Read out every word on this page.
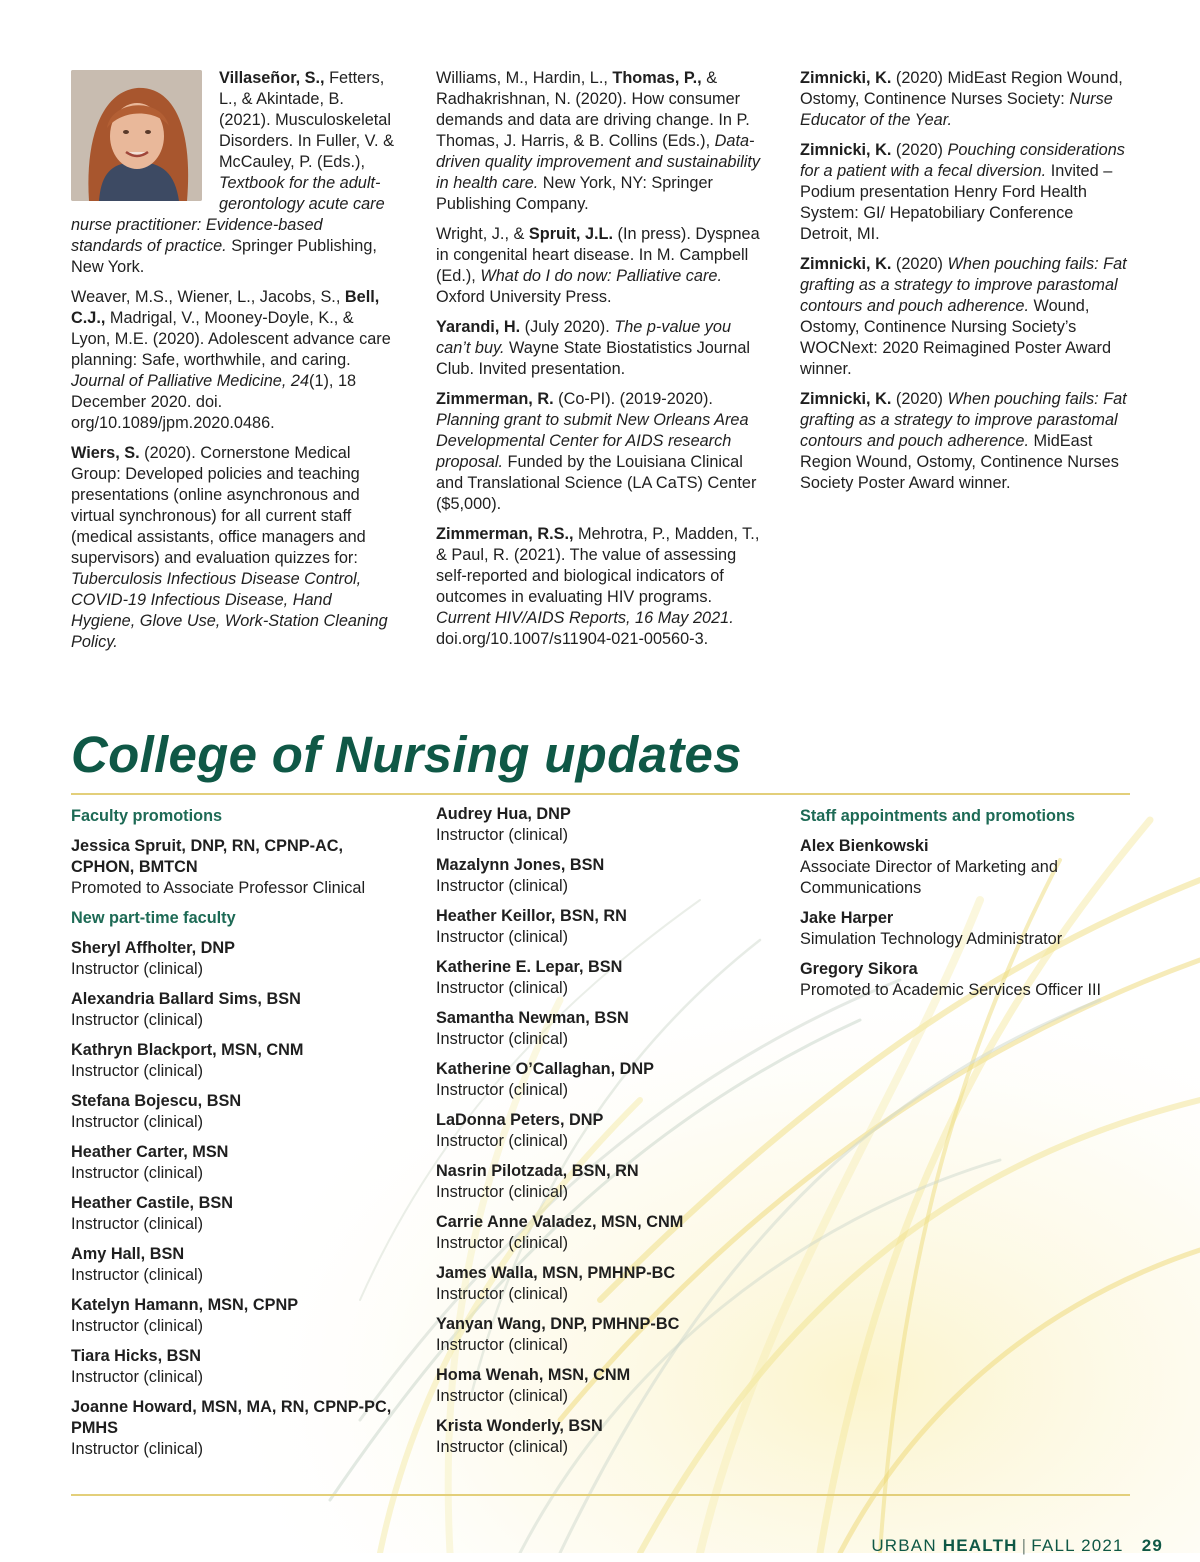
Villaseñor, S., Fetters, L., & Akintade, B. (2021). Musculoskeletal Disorders. In Fuller, V. & McCauley, P. (Eds.), Textbook for the adult-gerontology acute care nurse practitioner: Evidence-based standards of practice. Springer Publishing, New York.

Weaver, M.S., Wiener, L., Jacobs, S., Bell, C.J., Madrigal, V., Mooney-Doyle, K., & Lyon, M.E. (2020). Adolescent advance care planning: Safe, worthwhile, and caring. Journal of Palliative Medicine, 24(1), 18 December 2020. doi. org/10.1089/jpm.2020.0486.

Wiers, S. (2020). Cornerstone Medical Group: Developed policies and teaching presentations (online asynchronous and virtual synchronous) for all current staff (medical assistants, office managers and supervisors) and evaluation quizzes for: Tuberculosis Infectious Disease Control, COVID-19 Infectious Disease, Hand Hygiene, Glove Use, Work-Station Cleaning Policy.

Williams, M., Hardin, L., Thomas, P., & Radhakrishnan, N. (2020). How consumer demands and data are driving change. In P. Thomas, J. Harris, & B. Collins (Eds.), Data-driven quality improvement and sustainability in health care. New York, NY: Springer Publishing Company.

Wright, J., & Spruit, J.L. (In press). Dyspnea in congenital heart disease. In M. Campbell (Ed.), What do I do now: Palliative care. Oxford University Press.

Yarandi, H. (July 2020). The p-value you can’t buy. Wayne State Biostatistics Journal Club. Invited presentation.

Zimmerman, R. (Co-PI). (2019-2020). Planning grant to submit New Orleans Area Developmental Center for AIDS research proposal. Funded by the Louisiana Clinical and Translational Science (LA CaTS) Center ($5,000).

Zimmerman, R.S., Mehrotra, P., Madden, T., & Paul, R. (2021). The value of assessing self-reported and biological indicators of outcomes in evaluating HIV programs. Current HIV/AIDS Reports, 16 May 2021. doi.org/10.1007/s11904-021-00560-3.

Zimnicki, K. (2020) MidEast Region Wound, Ostomy, Continence Nurses Society: Nurse Educator of the Year.

Zimnicki, K. (2020) Pouching considerations for a patient with a fecal diversion. Invited – Podium presentation Henry Ford Health System: GI/ Hepatobiliary Conference Detroit, MI.

Zimnicki, K. (2020) When pouching fails: Fat grafting as a strategy to improve parastomal contours and pouch adherence. Wound, Ostomy, Continence Nursing Society’s WOCNext: 2020 Reimagined Poster Award winner.

Zimnicki, K. (2020) When pouching fails: Fat grafting as a strategy to improve parastomal contours and pouch adherence. MidEast Region Wound, Ostomy, Continence Nurses Society Poster Award winner.

College of Nursing updates
Faculty promotions
Jessica Spruit, DNP, RN, CPNP-AC, CPHON, BMTCN
Promoted to Associate Professor Clinical
New part-time faculty
Sheryl Affholter, DNP
Instructor (clinical)
Alexandria Ballard Sims, BSN
Instructor (clinical)
Kathryn Blackport, MSN, CNM
Instructor (clinical)
Stefana Bojescu, BSN
Instructor (clinical)
Heather Carter, MSN
Instructor (clinical)
Heather Castile, BSN
Instructor (clinical)
Amy Hall, BSN
Instructor (clinical)
Katelyn Hamann, MSN, CPNP
Instructor (clinical)
Tiara Hicks, BSN
Instructor (clinical)
Joanne Howard, MSN, MA, RN, CPNP-PC, PMHS
Instructor (clinical)
Audrey Hua, DNP
Instructor (clinical)
Mazalynn Jones, BSN
Instructor (clinical)
Heather Keillor, BSN, RN
Instructor (clinical)
Katherine E. Lepar, BSN
Instructor (clinical)
Samantha Newman, BSN
Instructor (clinical)
Katherine O’Callaghan, DNP
Instructor (clinical)
LaDonna Peters, DNP
Instructor (clinical)
Nasrin Pilotzada, BSN, RN
Instructor (clinical)
Carrie Anne Valadez, MSN, CNM
Instructor (clinical)
James Walla, MSN, PMHNP-BC
Instructor (clinical)
Yanyan Wang, DNP, PMHNP-BC
Instructor (clinical)
Homa Wenah, MSN, CNM
Instructor (clinical)
Krista Wonderly, BSN
Instructor (clinical)
Staff appointments and promotions
Alex Bienkowski
Associate Director of Marketing and Communications
Jake Harper
Simulation Technology Administrator
Gregory Sikora
Promoted to Academic Services Officer III
URBAN HEALTH | FALL 2021 29
